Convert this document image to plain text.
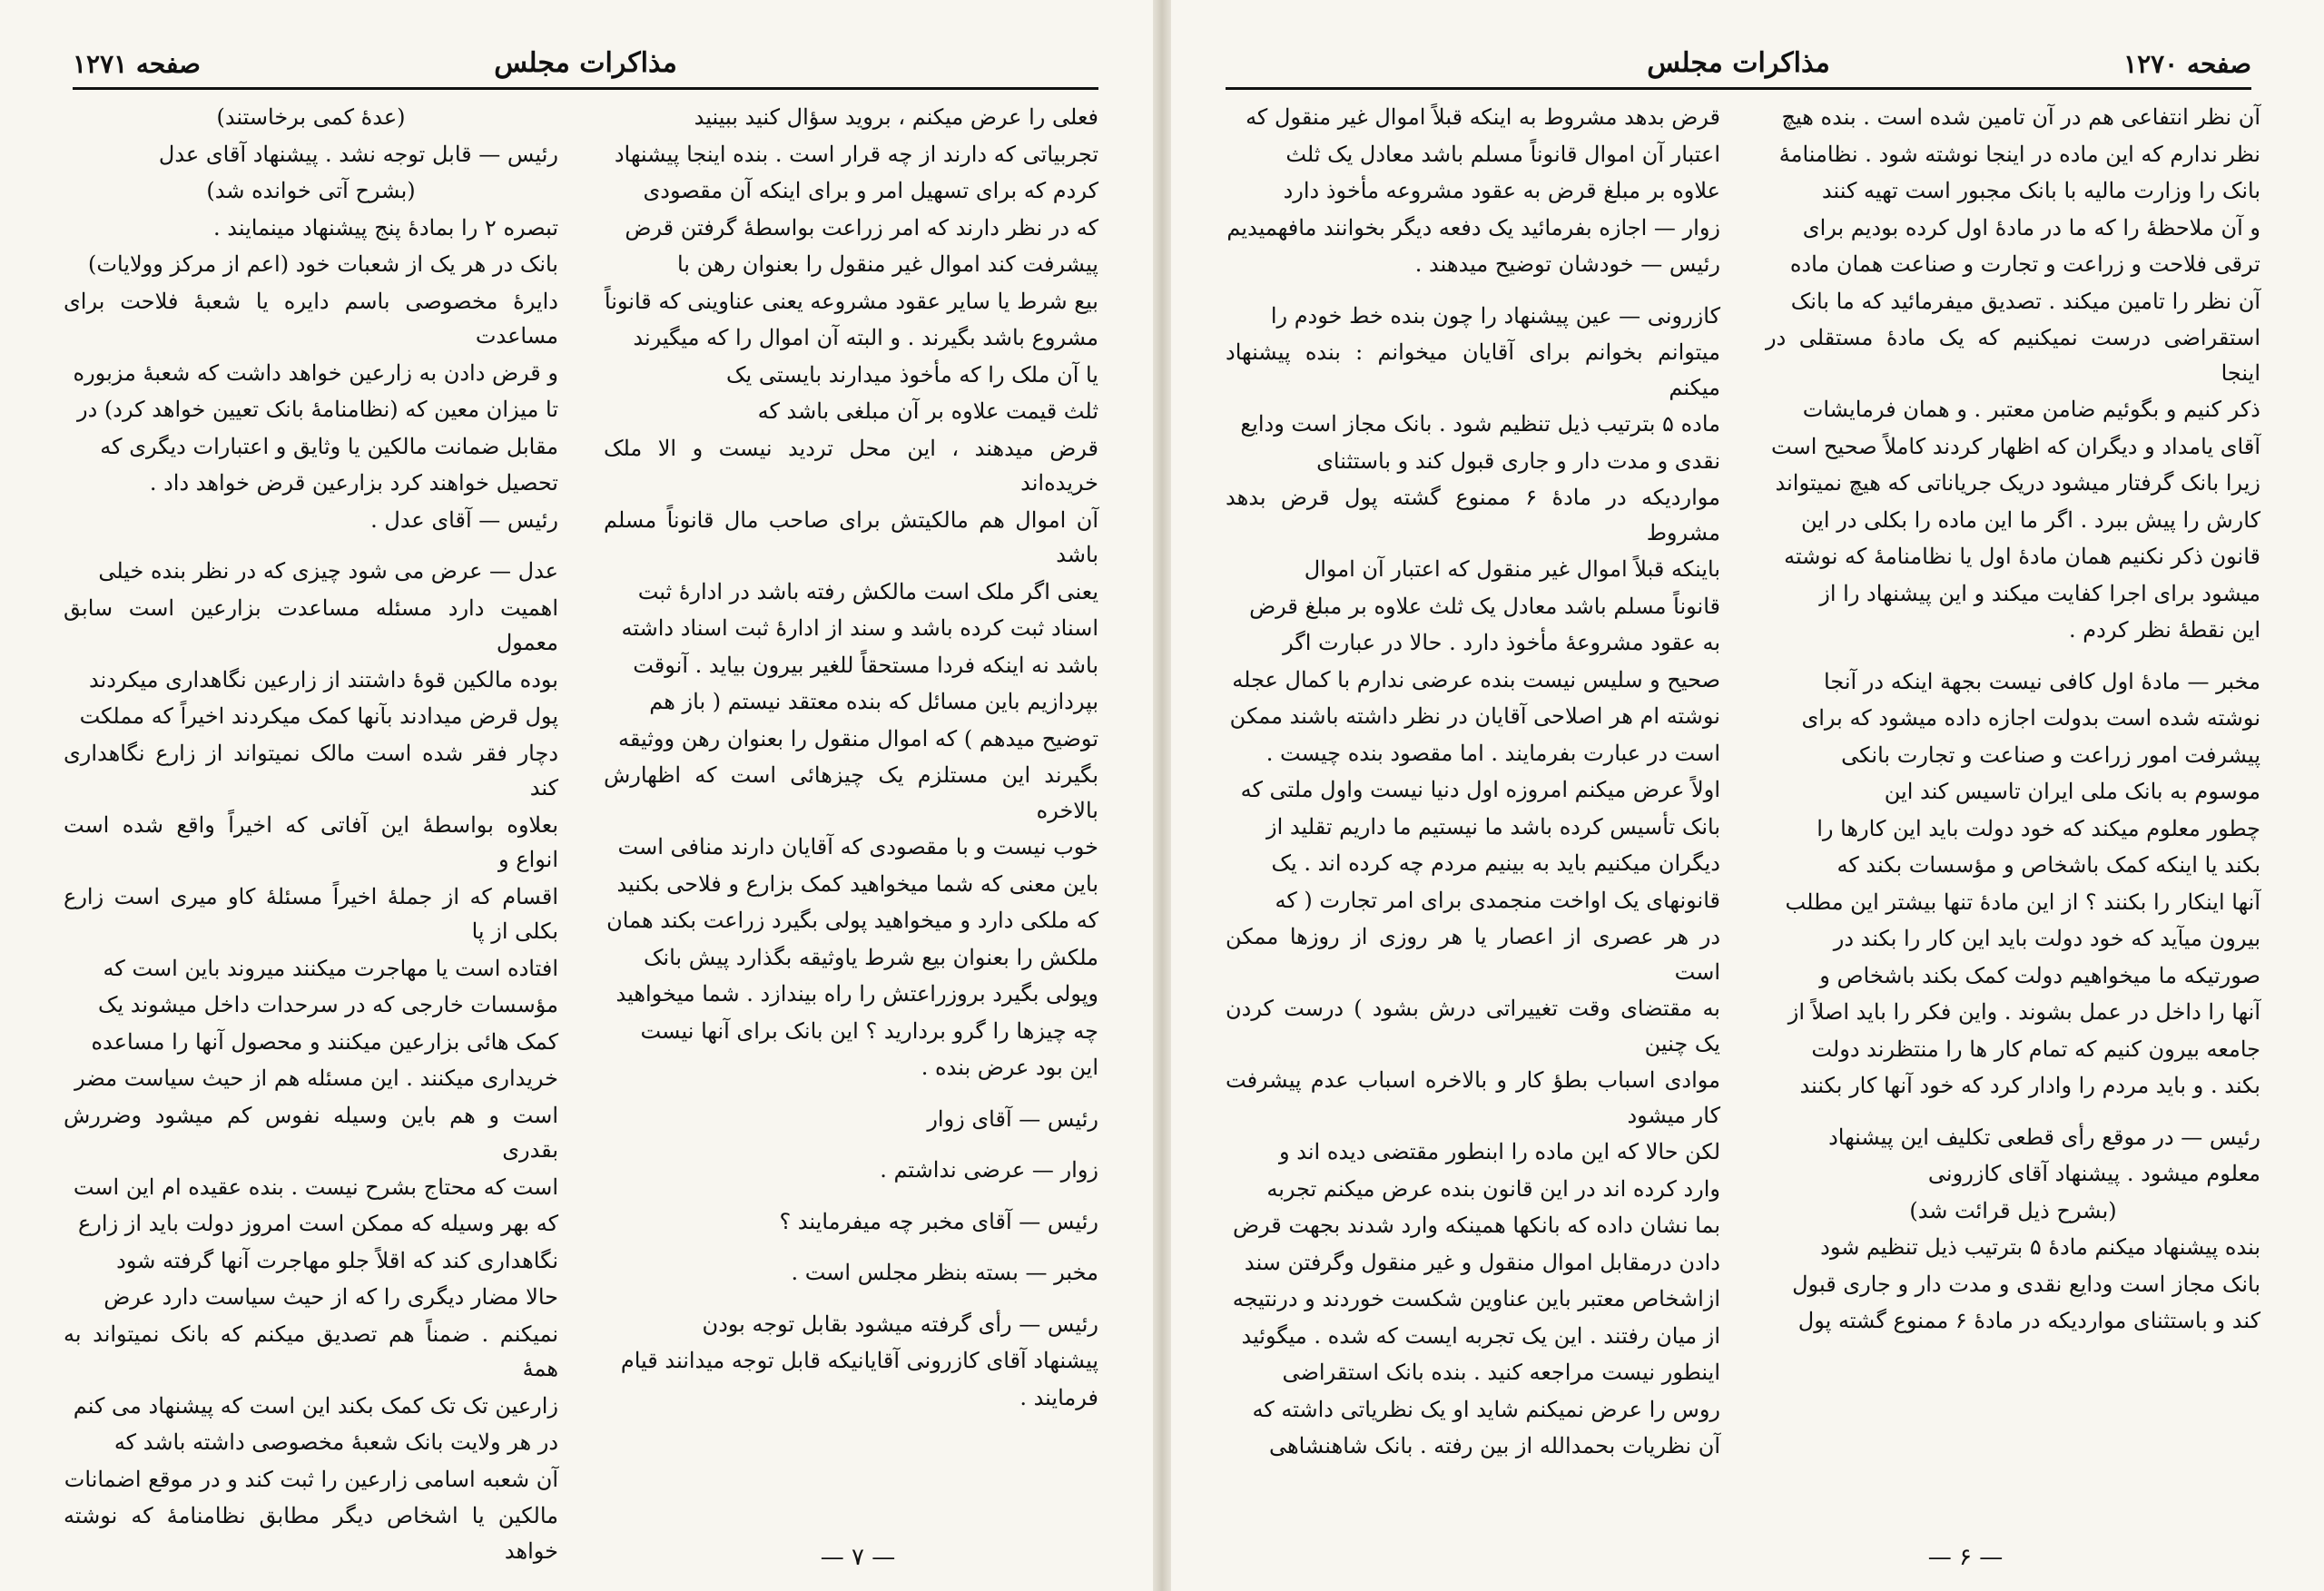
مذاکرات مجلس
صفحه ۱۲۷۱

فعلی را عرض میکنم ، بروید سؤال کنید ببینید

تجربیاتی که دارند از چه قرار است . بنده اینجا پیشنهاد

کردم که برای تسهیل امر و برای اینکه آن مقصودی

که در نظر دارند که امر زراعت بواسطهٔ گرفتن قرض

پیشرفت کند اموال غیر منقول را بعنوان رهن با

بیع شرط یا سایر عقود مشروعه یعنی عناوینی که قانوناً

مشروع باشد بگیرند . و البته آن اموال را که میگیرند

یا آن ملک را که مأخوذ میدارند بایستی یک

ثلث قیمت علاوه بر آن مبلغی باشد که

قرض میدهند ، این محل تردید نیست و الا ملک خریده‌اند

آن اموال هم مالکیتش برای صاحب مال قانوناً مسلم باشد

یعنی اگر ملک است مالکش رفته باشد در ادارهٔ ثبت

اسناد ثبت کرده باشد و سند از ادارهٔ ثبت اسناد داشته

باشد نه اینکه فردا مستحقاً للغیر بیرون بیاید . آنوقت

بپردازیم باین مسائل که بنده معتقد نیستم ( باز هم

توضیح میدهم ) که اموال منقول را بعنوان رهن ووثیقه

بگیرند این مستلزم یک چیزهائی است که اظهارش بالاخره

خوب نیست و با مقصودی که آقایان دارند منافی است

باین معنی که شما میخواهید کمک بزارع و فلاحی بکنید

که ملکی دارد و میخواهید پولی بگیرد زراعت بکند همان

ملکش را بعنوان بیع شرط یاوثیقه بگذارد پیش بانک

وپولی بگیرد بروزراعتش را راه بیندازد . شما میخواهید

چه چیزها را گرو بردارید ؟ این بانک برای آنها نیست

این بود عرض بنده .

رئیس — آقای زوار

زوار — عرضی نداشتم .

رئیس — آقای مخبر چه میفرمایند ؟

مخبر — بسته بنظر مجلس است .

رئیس — رأی گرفته میشود بقابل توجه بودن

پیشنهاد آقای کازرونی آقایانیکه قابل توجه میدانند قیام

فرمایند .

(عدهٔ کمی برخاستند)

رئیس — قابل توجه نشد . پیشنهاد آقای عدل

(بشرح آتی خوانده شد)

تبصره ۲ را بمادهٔ پنج پیشنهاد مینمایند .

بانک در هر یک از شعبات خود (اعم از مرکز وولایات)

دایرهٔ مخصوصی باسم دایره یا شعبهٔ فلاحت برای مساعدت

و قرض دادن به زارعین خواهد داشت که شعبهٔ مزبوره

تا میزان معین که (نظامنامهٔ بانک تعیین خواهد کرد) در

مقابل ضمانت مالکین یا وثایق و اعتبارات دیگری که

تحصیل خواهند کرد بزارعین قرض خواهد داد .

رئیس — آقای عدل .

عدل — عرض می شود چیزی که در نظر بنده خیلی

اهمیت دارد مسئله مساعدت بزارعین است سابق معمول

بوده مالکین قوهٔ داشتند از زارعین نگاهداری میکردند

پول قرض میدادند بآنها کمک میکردند اخیراً که مملکت

دچار فقر شده است مالک نمیتواند از زارع نگاهداری کند

بعلاوه بواسطهٔ این آفاتی که اخیراً واقع شده است انواع و

اقسام که از جملهٔ اخیراً مسئلهٔ کاو میری است زارع بکلی از پا

افتاده است یا مهاجرت میکنند میروند باین است که

مؤسسات خارجی که در سرحدات داخل میشوند یک

کمک هائی بزارعین میکنند و محصول آنها را مساعده

خریداری میکنند . این مسئله هم از حیث سیاست مضر

است و هم باین وسیله نفوس کم میشود وضررش بقدری

است که محتاج بشرح نیست . بنده عقیده ام این است

که بهر وسیله که ممکن است امروز دولت باید از زارع

نگاهداری کند که اقلاً جلو مهاجرت آنها گرفته شود

حالا مضار دیگری را که از حیث سیاست دارد عرض

نمیکنم . ضمناً هم تصدیق میکنم که بانک نمیتواند به همهٔ

زارعین تک تک کمک بکند این است که پیشنهاد می کنم

در هر ولایت بانک شعبهٔ مخصوصی داشته باشد که

آن شعبه اسامی زارعین را ثبت کند و در موقع اضمانات

مالکین یا اشخاص دیگر مطابق نظامنامهٔ که نوشته خواهد	— ۷ —
مذاکرات مجلس	صفحه ۱۲۷۰

آن نظر انتفاعی هم در آن تامین شده است . بنده هیچ

نظر ندارم که این ماده در اینجا نوشته شود . نظامنامهٔ

بانک را وزارت مالیه با بانک مجبور است تهیه کنند

و آن ملاحظهٔ را که ما در مادهٔ اول کرده بودیم برای

ترقی فلاحت و زراعت و تجارت و صناعت همان ماده

آن نظر را تامین میکند . تصدیق میفرمائید که ما بانک

استقراضی درست نمیکنیم که یک مادهٔ مستقلی در اینجا

ذکر کنیم و بگوئیم ضامن معتبر . و همان فرمایشات

آقای یامداد و دیگران که اظهار کردند کاملاً صحیح است

زیرا بانک گرفتار میشود دریک جریاناتی که هیچ نمیتواند

کارش را پیش ببرد . اگر ما این ماده را بکلی در این

قانون ذکر نکنیم همان مادهٔ اول یا نظامنامهٔ که نوشته

میشود برای اجرا کفایت میکند و این پیشنهاد را از

این نقطهٔ نظر کردم .

مخبر — مادهٔ اول کافی نیست بجهة اینکه در آنجا

نوشته شده است بدولت اجازه داده میشود که برای

پیشرفت امور زراعت و صناعت و تجارت بانکی

موسوم به بانک ملی ایران تاسیس کند این

چطور معلوم میکند که خود دولت باید این کارها را

بکند یا اینکه کمک باشخاص و مؤسسات بکند که

آنها اینکار را بکنند ؟ از این مادهٔ تنها بیشتر این مطلب

بیرون میآید که خود دولت باید این کار را بکند در

صورتیکه ما میخواهیم دولت کمک بکند باشخاص و

آنها را داخل در عمل بشوند . واین فکر را باید اصلاً از

جامعه بیرون کنیم که تمام کار ها را منتظرند دولت

بکند . و باید مردم را وادار کرد که خود آنها کار بکنند

رئیس — در موقع رأی قطعی تکلیف این پیشنهاد

معلوم میشود . پیشنهاد آقای کازرونی

(بشرح ذیل قرائت شد)

بنده پیشنهاد میکنم مادهٔ ۵ بترتیب ذیل تنظیم شود

بانک مجاز است ودایع نقدی و مدت دار و جاری قبول

کند و باستثنای مواردیکه در مادهٔ ۶ ممنوع گشته پول

قرض بدهد مشروط به اینکه قبلاً اموال غیر منقول که

اعتبار آن اموال قانوناً مسلم باشد معادل یک ثلث

علاوه بر مبلغ قرض به عقود مشروعه مأخوذ دارد

زوار — اجازه بفرمائید یک دفعه دیگر بخوانند مافهمیدیم

رئیس — خودشان توضیح میدهند .

کازرونی — عین پیشنهاد را چون بنده خط خودم را

میتوانم بخوانم برای آقایان میخوانم : بنده پیشنهاد میکنم

ماده ۵ بترتیب ذیل تنظیم شود . بانک مجاز است ودایع

نقدی و مدت دار و جاری قبول کند و باستثنای

مواردیکه در مادهٔ ۶ ممنوع گشته پول قرض بدهد مشروط

باینکه قبلاً اموال غیر منقول که اعتبار آن اموال

قانوناً مسلم باشد معادل یک ثلث علاوه بر مبلغ قرض

به عقود مشروعهٔ مأخوذ دارد . حالا در عبارت اگر

صحیح و سلیس نیست بنده عرضی ندارم با کمال عجله

نوشته ام هر اصلاحی آقایان در نظر داشته باشند ممکن

است در عبارت بفرمایند . اما مقصود بنده چیست .

اولاً عرض میکنم امروزه اول دنیا نیست واول ملتی که

بانک تأسیس کرده باشد ما نیستیم ما داریم تقلید از

دیگران میکنیم باید به بینیم مردم چه کرده اند . یک

قانونهای یک اواخت منجمدی برای امر تجارت ( که

در هر عصری از اعصار یا هر روزی از روزها ممکن است

به مقتضای وقت تغییراتی درش بشود ) درست کردن یک چنین

موادی اسباب بطؤ کار و بالاخره اسباب عدم پیشرفت کار میشود

لکن حالا که این ماده را ابنطور مقتضی دیده اند و

وارد کرده اند در این قانون بنده عرض میکنم تجربه

بما نشان داده که بانکها همینکه وارد شدند بجهت قرض

دادن درمقابل اموال منقول و غیر منقول وگرفتن سند

ازاشخاص معتبر باین عناوین شکست خوردند و درنتیجه

از میان رفتند . این یک تجربه ایست که شده . میگوئید

اینطور نیست مراجعه کنید . بنده بانک استقراضی

روس را عرض نمیکنم شاید او یک نظریاتی داشته که

آن نظریات بحمدالله از بین رفته . بانک شاهنشاهی

— ۶ —
